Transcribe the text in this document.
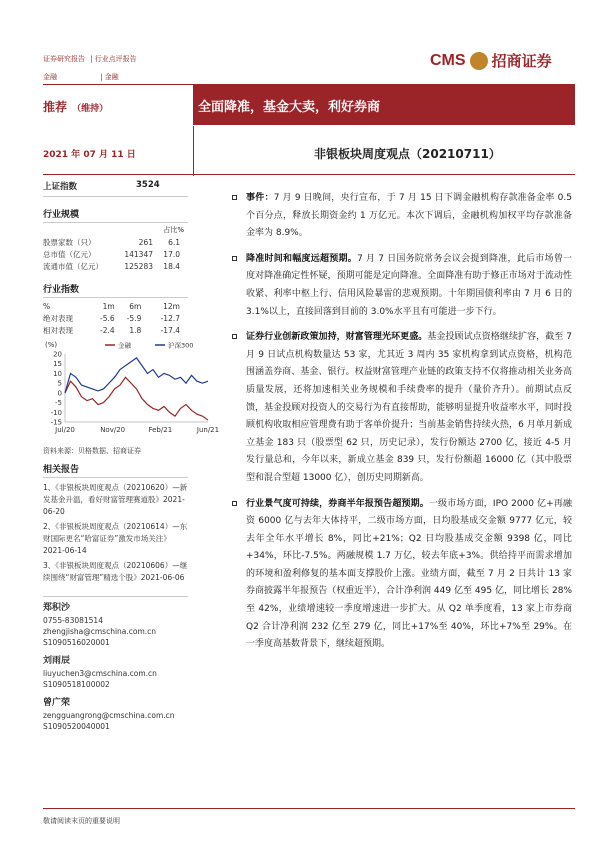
证券研究报告 | 行业点评报告
金融	| 金融
CMS 招商证券
推荐 （维持）	全面降准，基金大卖，利好券商
2021 年 07 月 11 日	非银板块周度观点（20210711）
上证指数	3524
行业规模
占比%
股票家数（只）	261	6.1
总市值（亿元）	141347	17.0
流通市值（亿元）	125283	18.4
行业指数
%	1m	6m	12m
绝对表现	-5.6	-5.9	-12.7
相对表现	-2.4	1.8	-17.4
(%)
20
15
10
5
0
-5
-10
-15
Jul/20	Nov/20	Feb/21	Jun/21
金融	沪深300
资料来源：贝格数据、招商证券
相关报告
1、《非银板块周度观点（20210620）—新发基金升温，看好财富管理赛道股》2021-06-20
2、《非银板块周度观点（20210614）—东财国际更名“哈富证券”激发市场关注》2021-06-14
3、《非银板块周度观点（20210606）—继续围绕“财富管理”精选个股》2021-06-06
郑积沙
0755-83081514
zhengjisha@cmschina.com.cn
S1090516020001
刘雨辰
liuyuchen3@cmschina.com.cn
S1090518100002
曾广荣
zengguangrong@cmschina.com.cn
S1090520040001
事件：7 月 9 日晚间，央行宣布，于 7 月 15 日下调金融机构存款准备金率 0.5 个百分点，释放长期资金约 1 万亿元。本次下调后，金融机构加权平均存款准备金率为 8.9%。
降准时间和幅度远超预期。7 月 7 日国务院常务会议会提到降准，此后市场曾一度对降准确定性怀疑，预期可能是定向降准。全面降准有助于修正市场对于流动性收紧、利率中枢上行、信用风险暴雷的悲观预期。十年期国债利率由 7 月 6 日的 3.1%以上，直接回落到目前的 3.0%水平且有可能进一步下行。
证券行业创新政策加持，财富管理光环更盛。基金投顾试点资格继续扩容，截至 7 月 9 日试点机构数量达 53 家，尤其近 3 周内 35 家机构拿到试点资格，机构范围涵盖券商、基金、银行。权益财富管理产业链的政策支持不仅将推动相关业务高质量发展，还将加速相关业务规模和手续费率的提升（量价齐升）。前期试点反馈，基金投顾对投资人的交易行为有直接帮助，能够明显提升收益率水平，同时投顾机构收取相应管理费有助于客单价提升；当前基金销售持续火热，6 月单月新成立基金 183 只（股票型 62 只，历史记录），发行份额达 2700 亿，接近 4-5 月发行量总和，今年以来，新成立基金 839 只，发行份额超 16000 亿（其中股票型和混合型超 13000 亿），创历史同期新高。
行业景气度可持续，券商半年报预告超预期。一级市场方面，IPO 2000 亿+再融资 6000 亿与去年大体持平，二级市场方面，日均股基成交金额 9777 亿元，较去年全年水平增长 8%，同比+21%；Q2 日均股基成交金额 9398 亿，同比+34%，环比-7.5%。两融规模 1.7 万亿，较去年底+3%。供给持平而需求增加的环境和盈利修复的基本面支撑股价上涨。业绩方面，截至 7 月 2 日共计 13 家券商披露半年报预告（权重近半），合计净利润 449 亿至 495 亿，同比增长 28%至 42%，业绩增速较一季度增速进一步扩大。从 Q2 单季度看，13 家上市券商 Q2 合计净利润 232 亿至 279 亿，同比+17%至 40%，环比+7%至 29%。在一季度高基数背景下，继续超预期。
敬请阅读末页的重要说明
